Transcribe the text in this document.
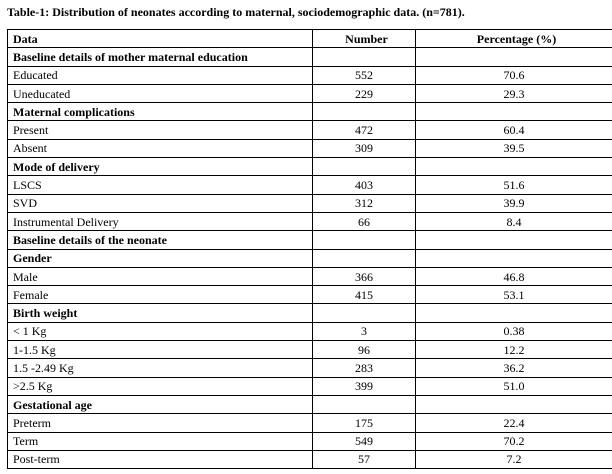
Table-1: Distribution of neonates according to maternal, sociodemographic data. (n=781).
Data	Number	Percentage (%)
Baseline details of mother maternal education		
Educated	552	70.6
Uneducated	229	29.3
Maternal complications		
Present	472	60.4
Absent	309	39.5
Mode of delivery		
LSCS	403	51.6
SVD	312	39.9
Instrumental Delivery	66	8.4
Baseline details of the neonate		
Gender		
Male	366	46.8
Female	415	53.1
Birth weight		
< 1 Kg	3	0.38
1-1.5 Kg	96	12.2
1.5 -2.49 Kg	283	36.2
>2.5 Kg	399	51.0
Gestational age		
Preterm	175	22.4
Term	549	70.2
Post-term	57	7.2
